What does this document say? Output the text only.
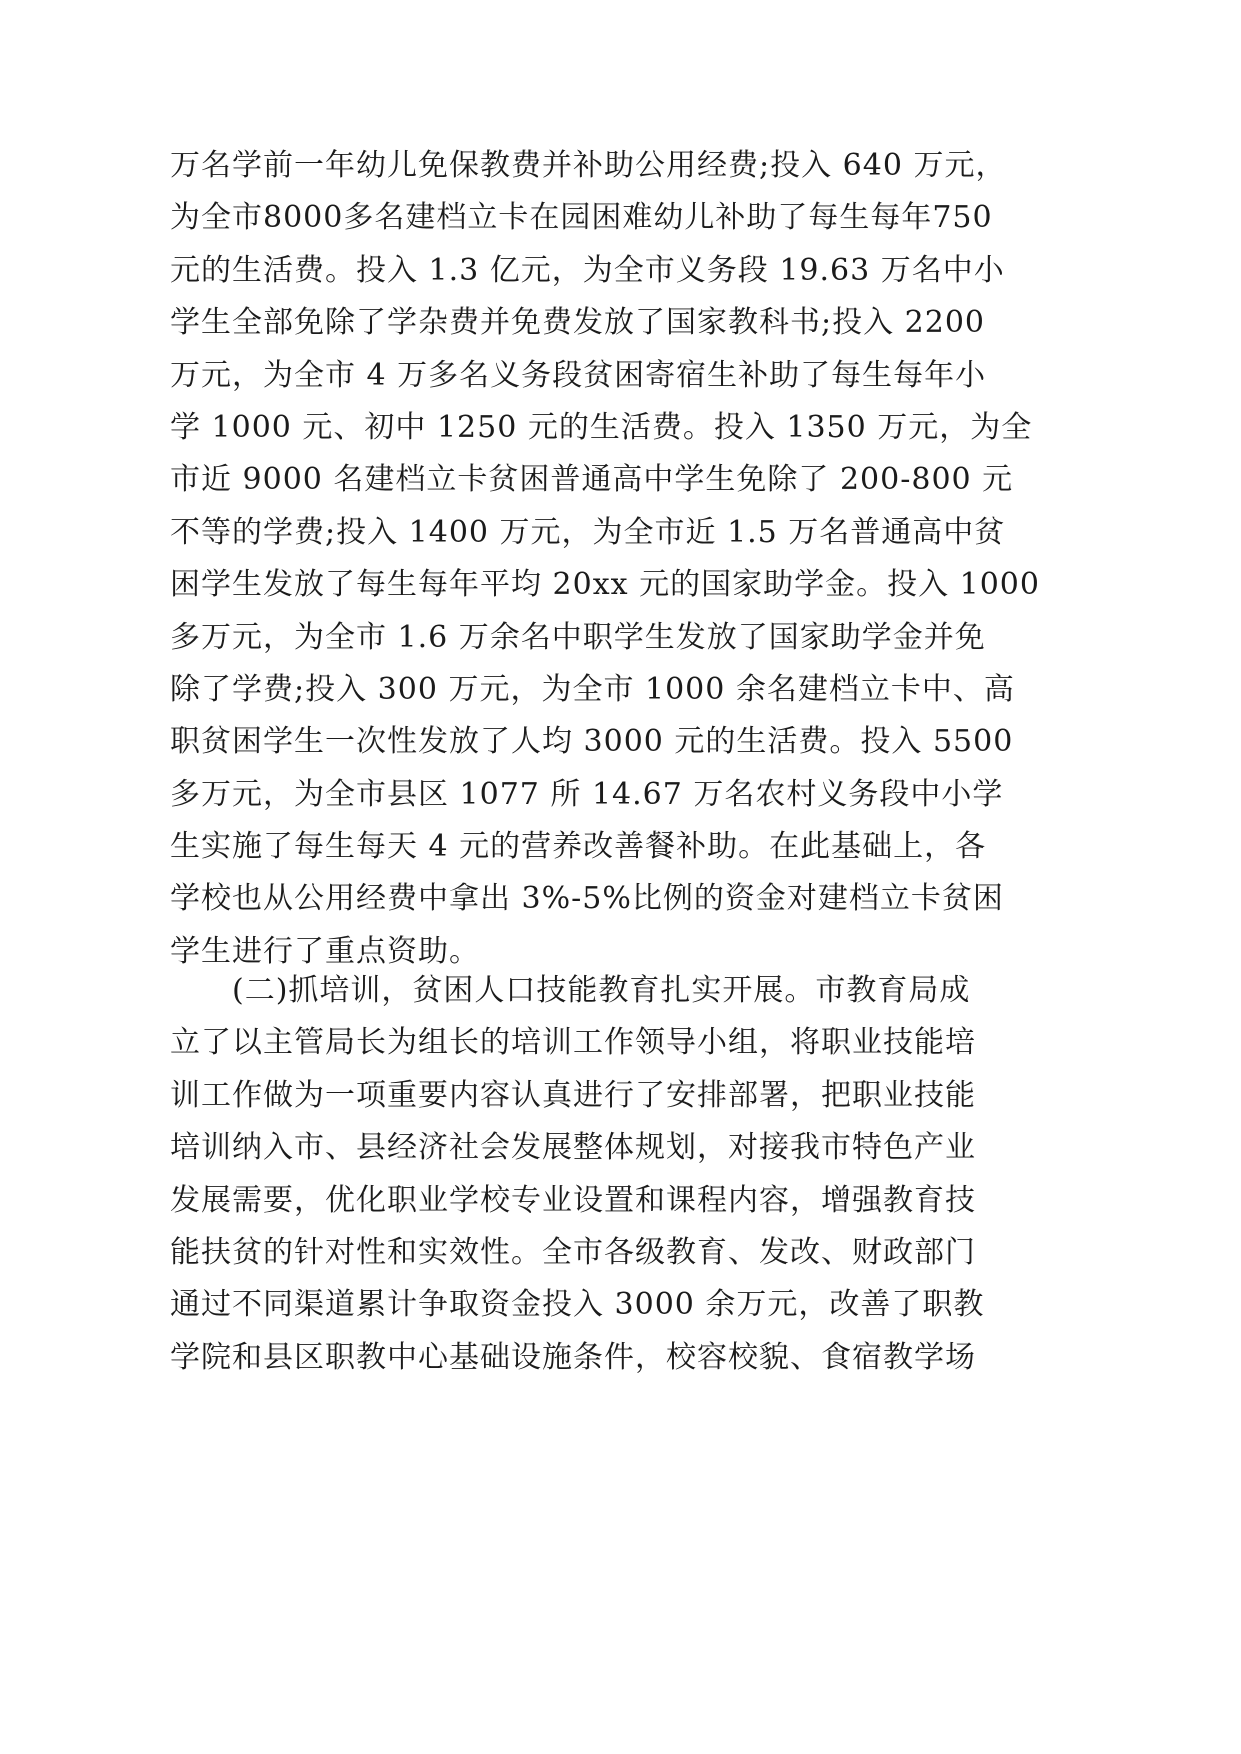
万名学前一年幼儿免保教费并补助公用经费;投入 640 万元，
为全市8000多名建档立卡在园困难幼儿补助了每生每年750
元的生活费。投入 1.3 亿元，为全市义务段 19.63 万名中小
学生全部免除了学杂费并免费发放了国家教科书;投入 2200
万元，为全市 4 万多名义务段贫困寄宿生补助了每生每年小
学 1000 元、初中 1250 元的生活费。投入 1350 万元，为全
市近 9000 名建档立卡贫困普通高中学生免除了 200-800 元
不等的学费;投入 1400 万元，为全市近 1.5 万名普通高中贫
困学生发放了每生每年平均 20xx 元的国家助学金。投入 1000
多万元，为全市 1.6 万余名中职学生发放了国家助学金并免
除了学费;投入 300 万元，为全市 1000 余名建档立卡中、高
职贫困学生一次性发放了人均 3000 元的生活费。投入 5500
多万元，为全市县区 1077 所 14.67 万名农村义务段中小学
生实施了每生每天 4 元的营养改善餐补助。在此基础上，各
学校也从公用经费中拿出 3%-5%比例的资金对建档立卡贫困
学生进行了重点资助。
　　(二)抓培训，贫困人口技能教育扎实开展。市教育局成
立了以主管局长为组长的培训工作领导小组，将职业技能培
训工作做为一项重要内容认真进行了安排部署，把职业技能
培训纳入市、县经济社会发展整体规划，对接我市特色产业
发展需要，优化职业学校专业设置和课程内容，增强教育技
能扶贫的针对性和实效性。全市各级教育、发改、财政部门
通过不同渠道累计争取资金投入 3000 余万元，改善了职教
学院和县区职教中心基础设施条件，校容校貌、食宿教学场
